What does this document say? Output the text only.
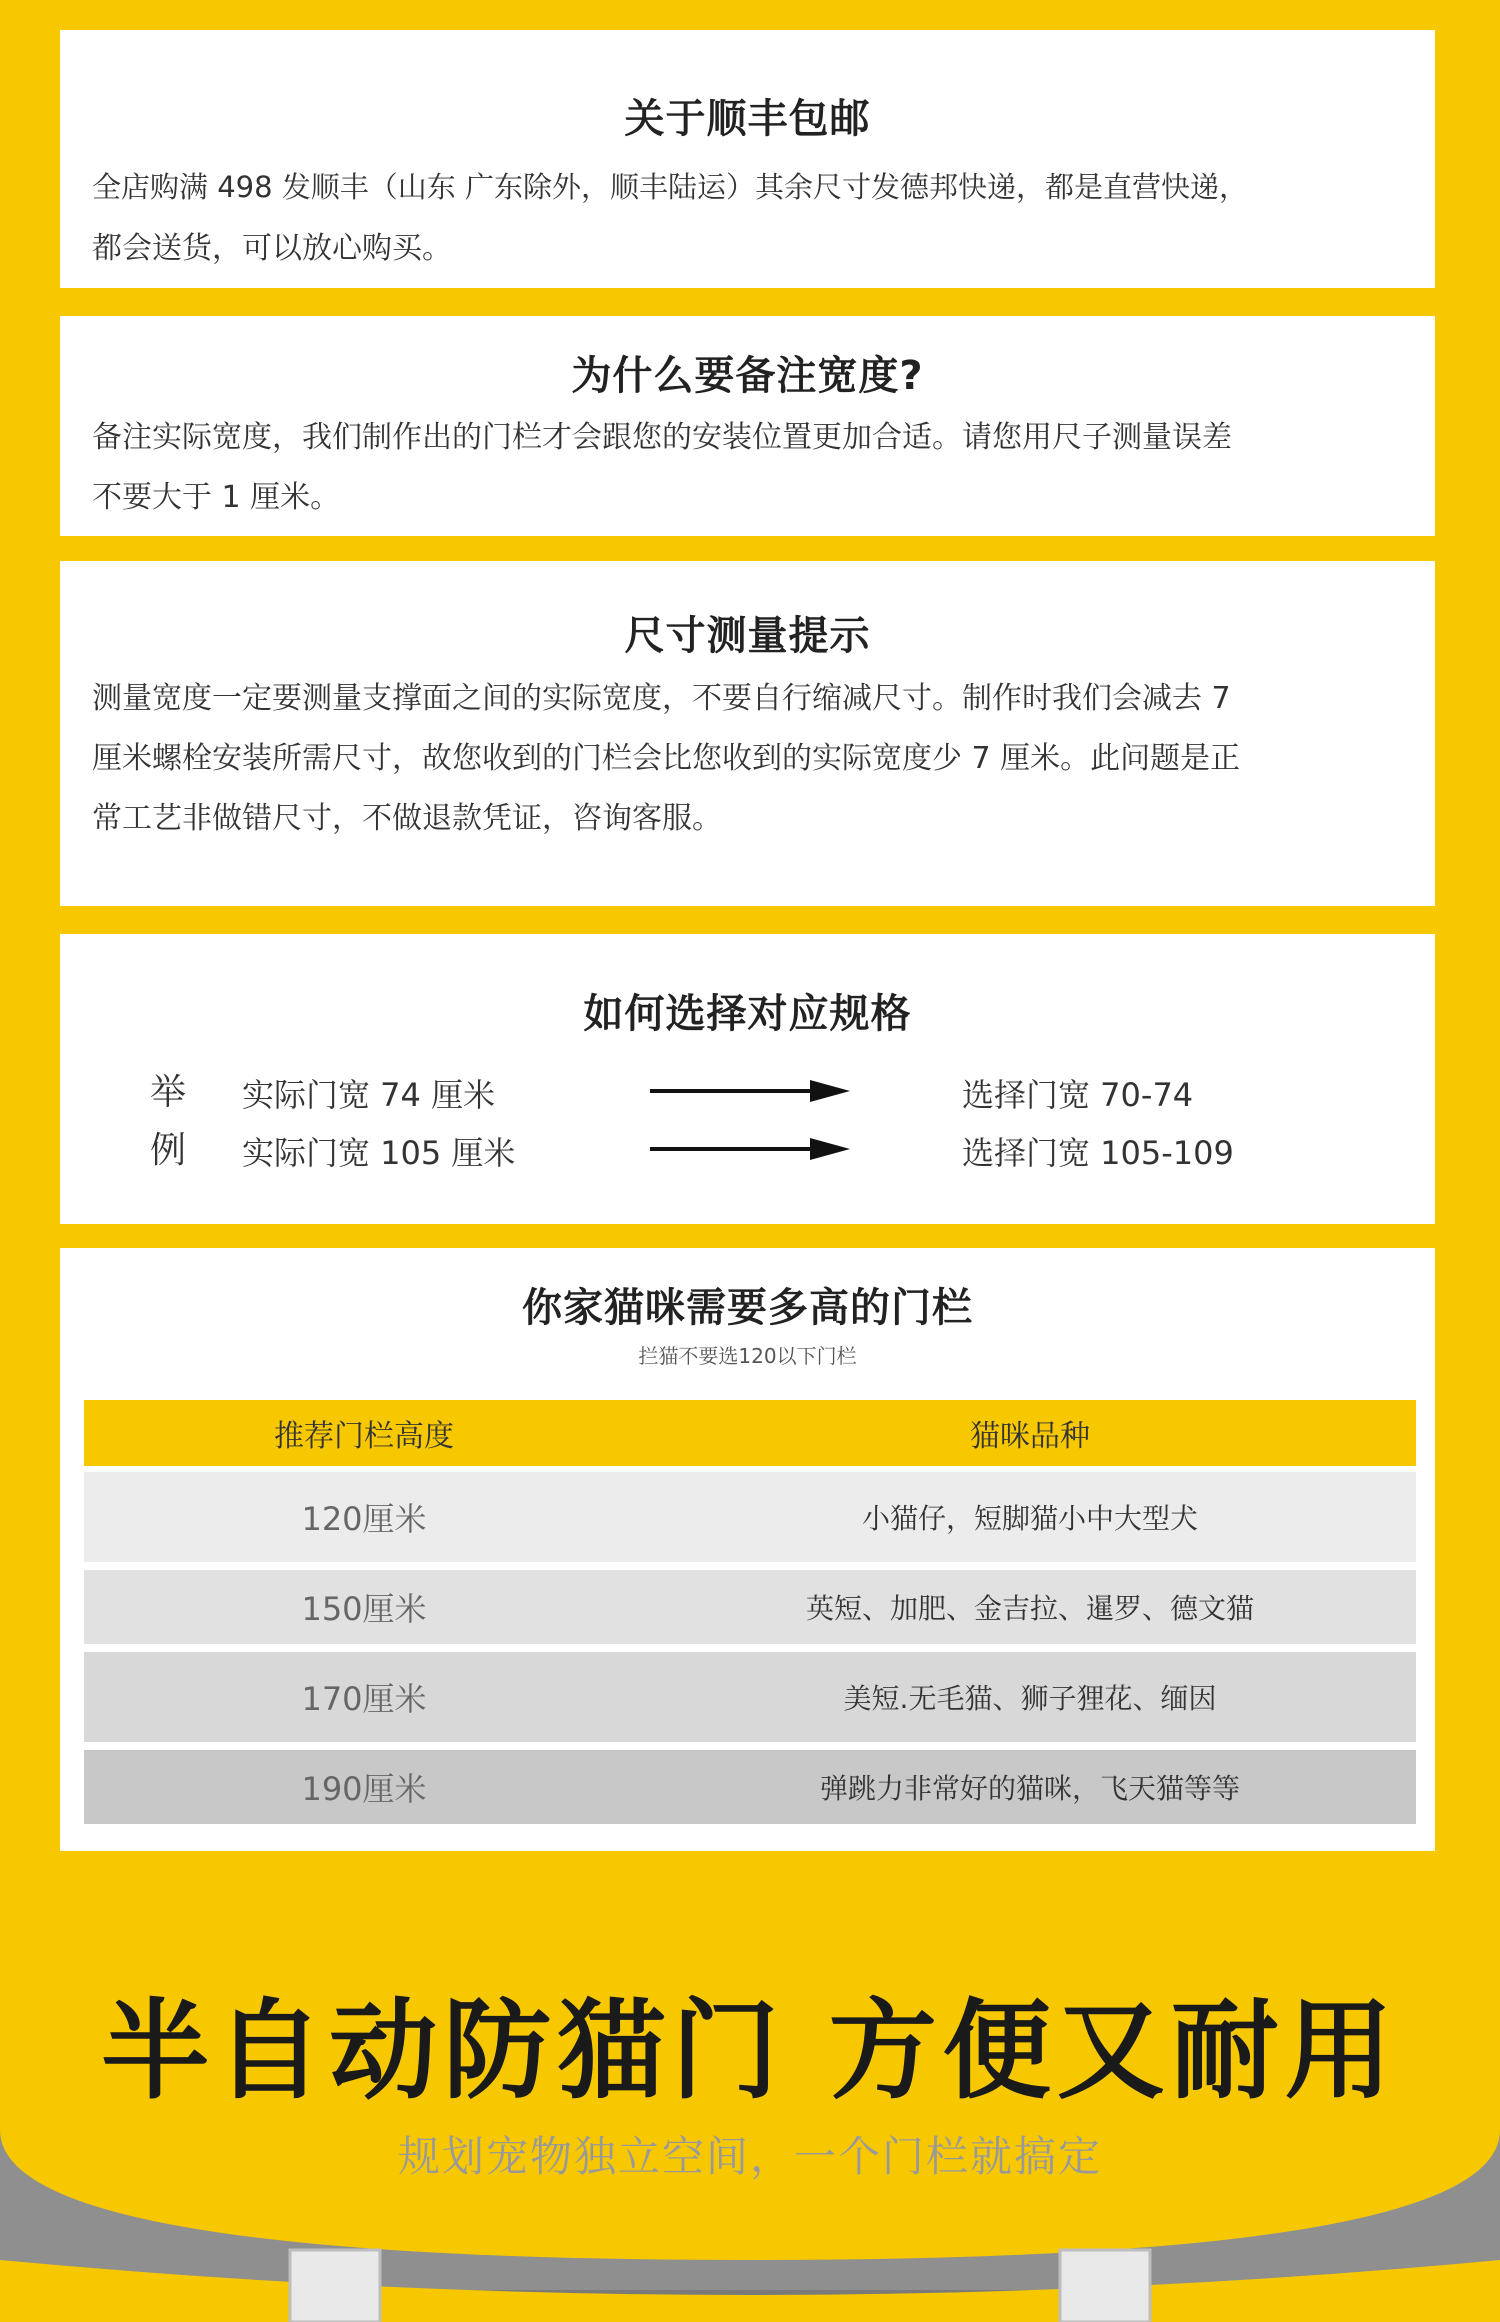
关于顺丰包邮
全店购满 498 发顺丰（山东 广东除外，顺丰陆运）其余尺寸发德邦快递，都是直营快递，
都会送货，可以放心购买。
为什么要备注宽度?
备注实际宽度，我们制作出的门栏才会跟您的安装位置更加合适。请您用尺子测量误差
不要大于 1 厘米。
尺寸测量提示
测量宽度一定要测量支撑面之间的实际宽度，不要自行缩减尺寸。制作时我们会减去 7
厘米螺栓安装所需尺寸，故您收到的门栏会比您收到的实际宽度少 7 厘米。此问题是正
常工艺非做错尺寸，不做退款凭证，咨询客服。
如何选择对应规格
举
例
实际门宽 74 厘米	选择门宽 70-74
实际门宽 105 厘米	选择门宽 105-109
你家猫咪需要多高的门栏
拦猫不要选120以下门栏
推荐门栏高度	猫咪品种
120厘米	小猫仔，短脚猫小中大型犬
150厘米	英短、加肥、金吉拉、暹罗、德文猫
170厘米	美短.无毛猫、狮子狸花、缅因
190厘米	弹跳力非常好的猫咪，飞天猫等等
半自动防猫门 方便又耐用
规划宠物独立空间，一个门栏就搞定
